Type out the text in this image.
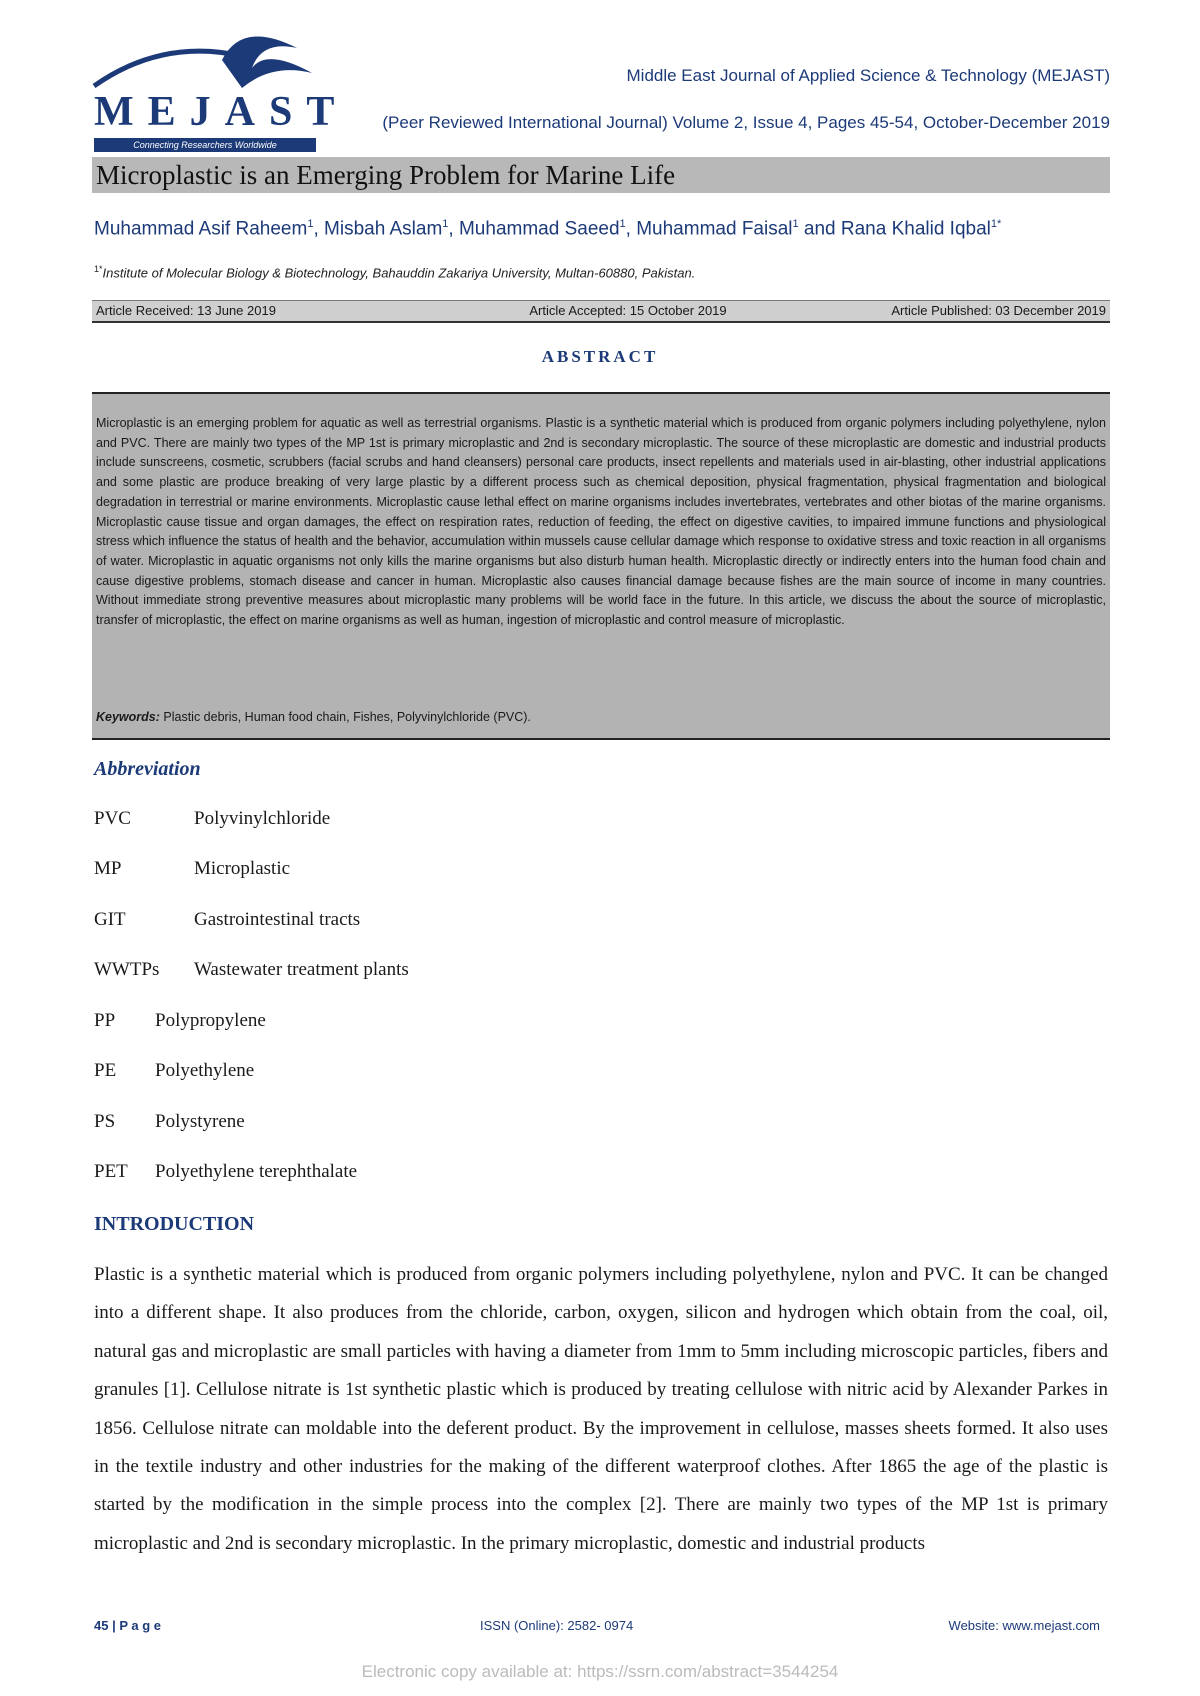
MEJAST
Connecting Researchers Worldwide
Middle East Journal of Applied Science & Technology (MEJAST)
(Peer Reviewed International Journal) Volume 2, Issue 4, Pages 45-54, October-December 2019
Microplastic is an Emerging Problem for Marine Life
Muhammad Asif Raheem$^1$, Misbah Aslam$^1$, Muhammad Saeed$^1$, Muhammad Faisal$^1$ and Rana Khalid Iqbal$^{1*}$
$^{1*}$Institute of Molecular Biology & Biotechnology, Bahauddin Zakariya University, Multan-60880, Pakistan.
Article Received: 13 June 2019	Article Accepted: 15 October 2019	Article Published: 03 December 2019
ABSTRACT
Microplastic is an emerging problem for aquatic as well as terrestrial organisms. Plastic is a synthetic material which is produced from organic polymers including polyethylene, nylon and PVC. There are mainly two types of the MP 1st is primary microplastic and 2nd is secondary microplastic. The source of these microplastic are domestic and industrial products include sunscreens, cosmetic, scrubbers (facial scrubs and hand cleansers) personal care products, insect repellents and materials used in air-blasting, other industrial applications and some plastic are produce breaking of very large plastic by a different process such as chemical deposition, physical fragmentation, physical fragmentation and biological degradation in terrestrial or marine environments. Microplastic cause lethal effect on marine organisms includes invertebrates, vertebrates and other biotas of the marine organisms. Microplastic cause tissue and organ damages, the effect on respiration rates, reduction of feeding, the effect on digestive cavities, to impaired immune functions and physiological stress which influence the status of health and the behavior, accumulation within mussels cause cellular damage which response to oxidative stress and toxic reaction in all organisms of water. Microplastic in aquatic organisms not only kills the marine organisms but also disturb human health. Microplastic directly or indirectly enters into the human food chain and cause digestive problems, stomach disease and cancer in human. Microplastic also causes financial damage because fishes are the main source of income in many countries. Without immediate strong preventive measures about microplastic many problems will be world face in the future. In this article, we discuss the about the source of microplastic, transfer of microplastic, the effect on marine organisms as well as human, ingestion of microplastic and control measure of microplastic.
Keywords: Plastic debris, Human food chain, Fishes, Polyvinylchloride (PVC).
Abbreviation
PVC	Polyvinylchloride
MP	Microplastic
GIT	Gastrointestinal tracts
WWTPs Wastewater treatment plants
PP Polypropylene
PE Polyethylene
PS Polystyrene
PET Polyethylene terephthalate
INTRODUCTION
Plastic is a synthetic material which is produced from organic polymers including polyethylene, nylon and PVC. It can be changed into a different shape. It also produces from the chloride, carbon, oxygen, silicon and hydrogen which obtain from the coal, oil, natural gas and microplastic are small particles with having a diameter from 1mm to 5mm including microscopic particles, fibers and granules [1]. Cellulose nitrate is 1st synthetic plastic which is produced by treating cellulose with nitric acid by Alexander Parkes in 1856. Cellulose nitrate can moldable into the deferent product. By the improvement in cellulose, masses sheets formed. It also uses in the textile industry and other industries for the making of the different waterproof clothes. After 1865 the age of the plastic is started by the modification in the simple process into the complex [2]. There are mainly two types of the MP 1st is primary microplastic and 2nd is secondary microplastic. In the primary microplastic, domestic and industrial products
45 | P a g e	ISSN (Online): 2582- 0974	Website: www.mejast.com
Electronic copy available at: https://ssrn.com/abstract=3544254
